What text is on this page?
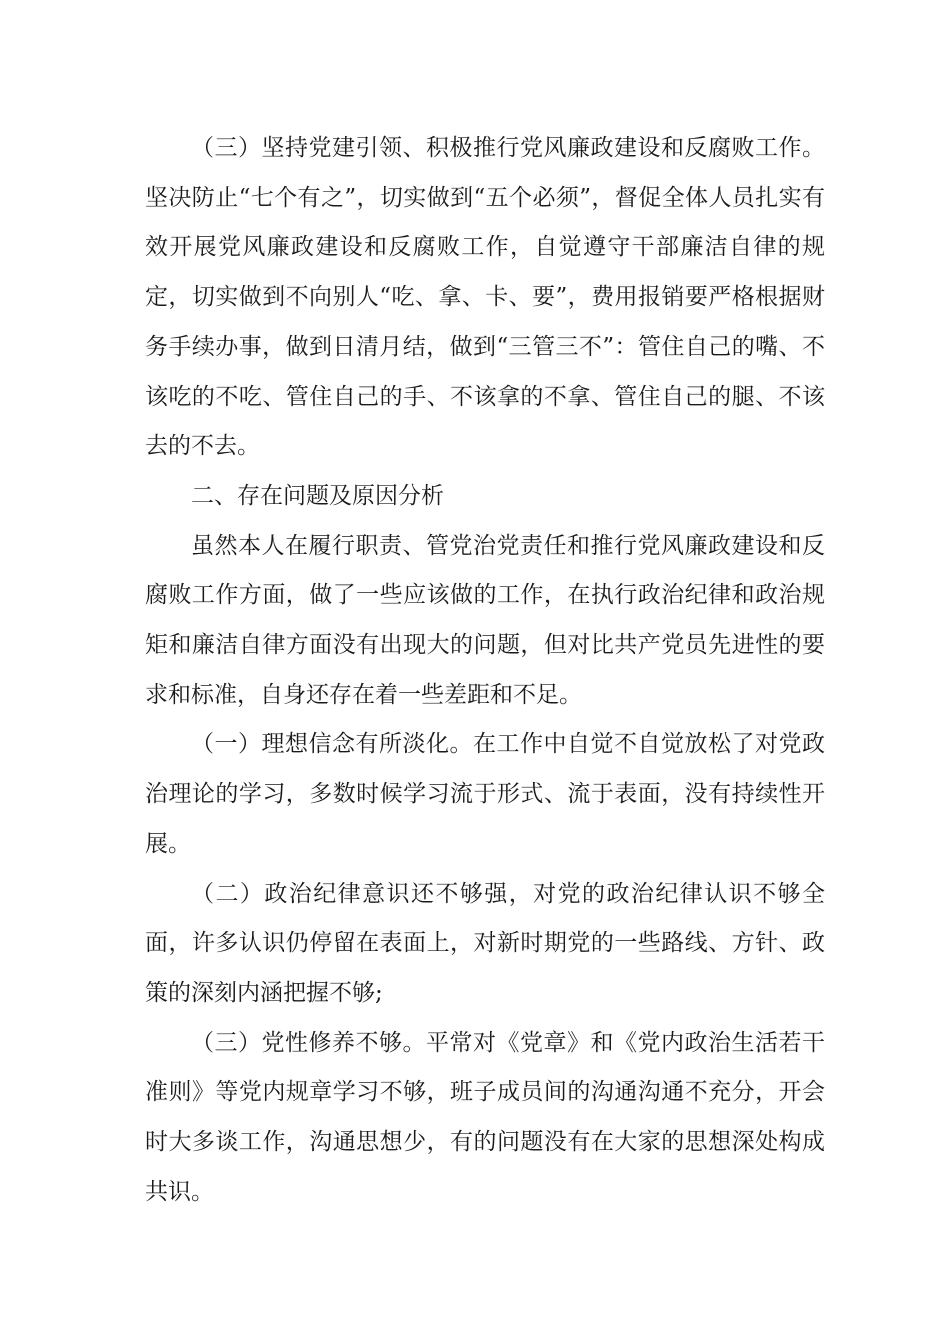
（三）坚持党建引领、积极推行党风廉政建设和反腐败工作。坚决防止“七个有之”，切实做到“五个必须”，督促全体人员扎实有效开展党风廉政建设和反腐败工作，自觉遵守干部廉洁自律的规定，切实做到不向别人“吃、拿、卡、要”，费用报销要严格根据财务手续办事，做到日清月结，做到“三管三不”：管住自己的嘴、不该吃的不吃、管住自己的手、不该拿的不拿、管住自己的腿、不该去的不去。

二、存在问题及原因分析

虽然本人在履行职责、管党治党责任和推行党风廉政建设和反腐败工作方面，做了一些应该做的工作，在执行政治纪律和政治规矩和廉洁自律方面没有出现大的问题，但对比共产党员先进性的要求和标准，自身还存在着一些差距和不足。

（一）理想信念有所淡化。在工作中自觉不自觉放松了对党政治理论的学习，多数时候学习流于形式、流于表面，没有持续性开展。

（二）政治纪律意识还不够强，对党的政治纪律认识不够全面，许多认识仍停留在表面上，对新时期党的一些路线、方针、政策的深刻内涵把握不够;

（三）党性修养不够。平常对《党章》和《党内政治生活若干准则》等党内规章学习不够，班子成员间的沟通沟通不充分，开会时大多谈工作，沟通思想少，有的问题没有在大家的思想深处构成共识。
